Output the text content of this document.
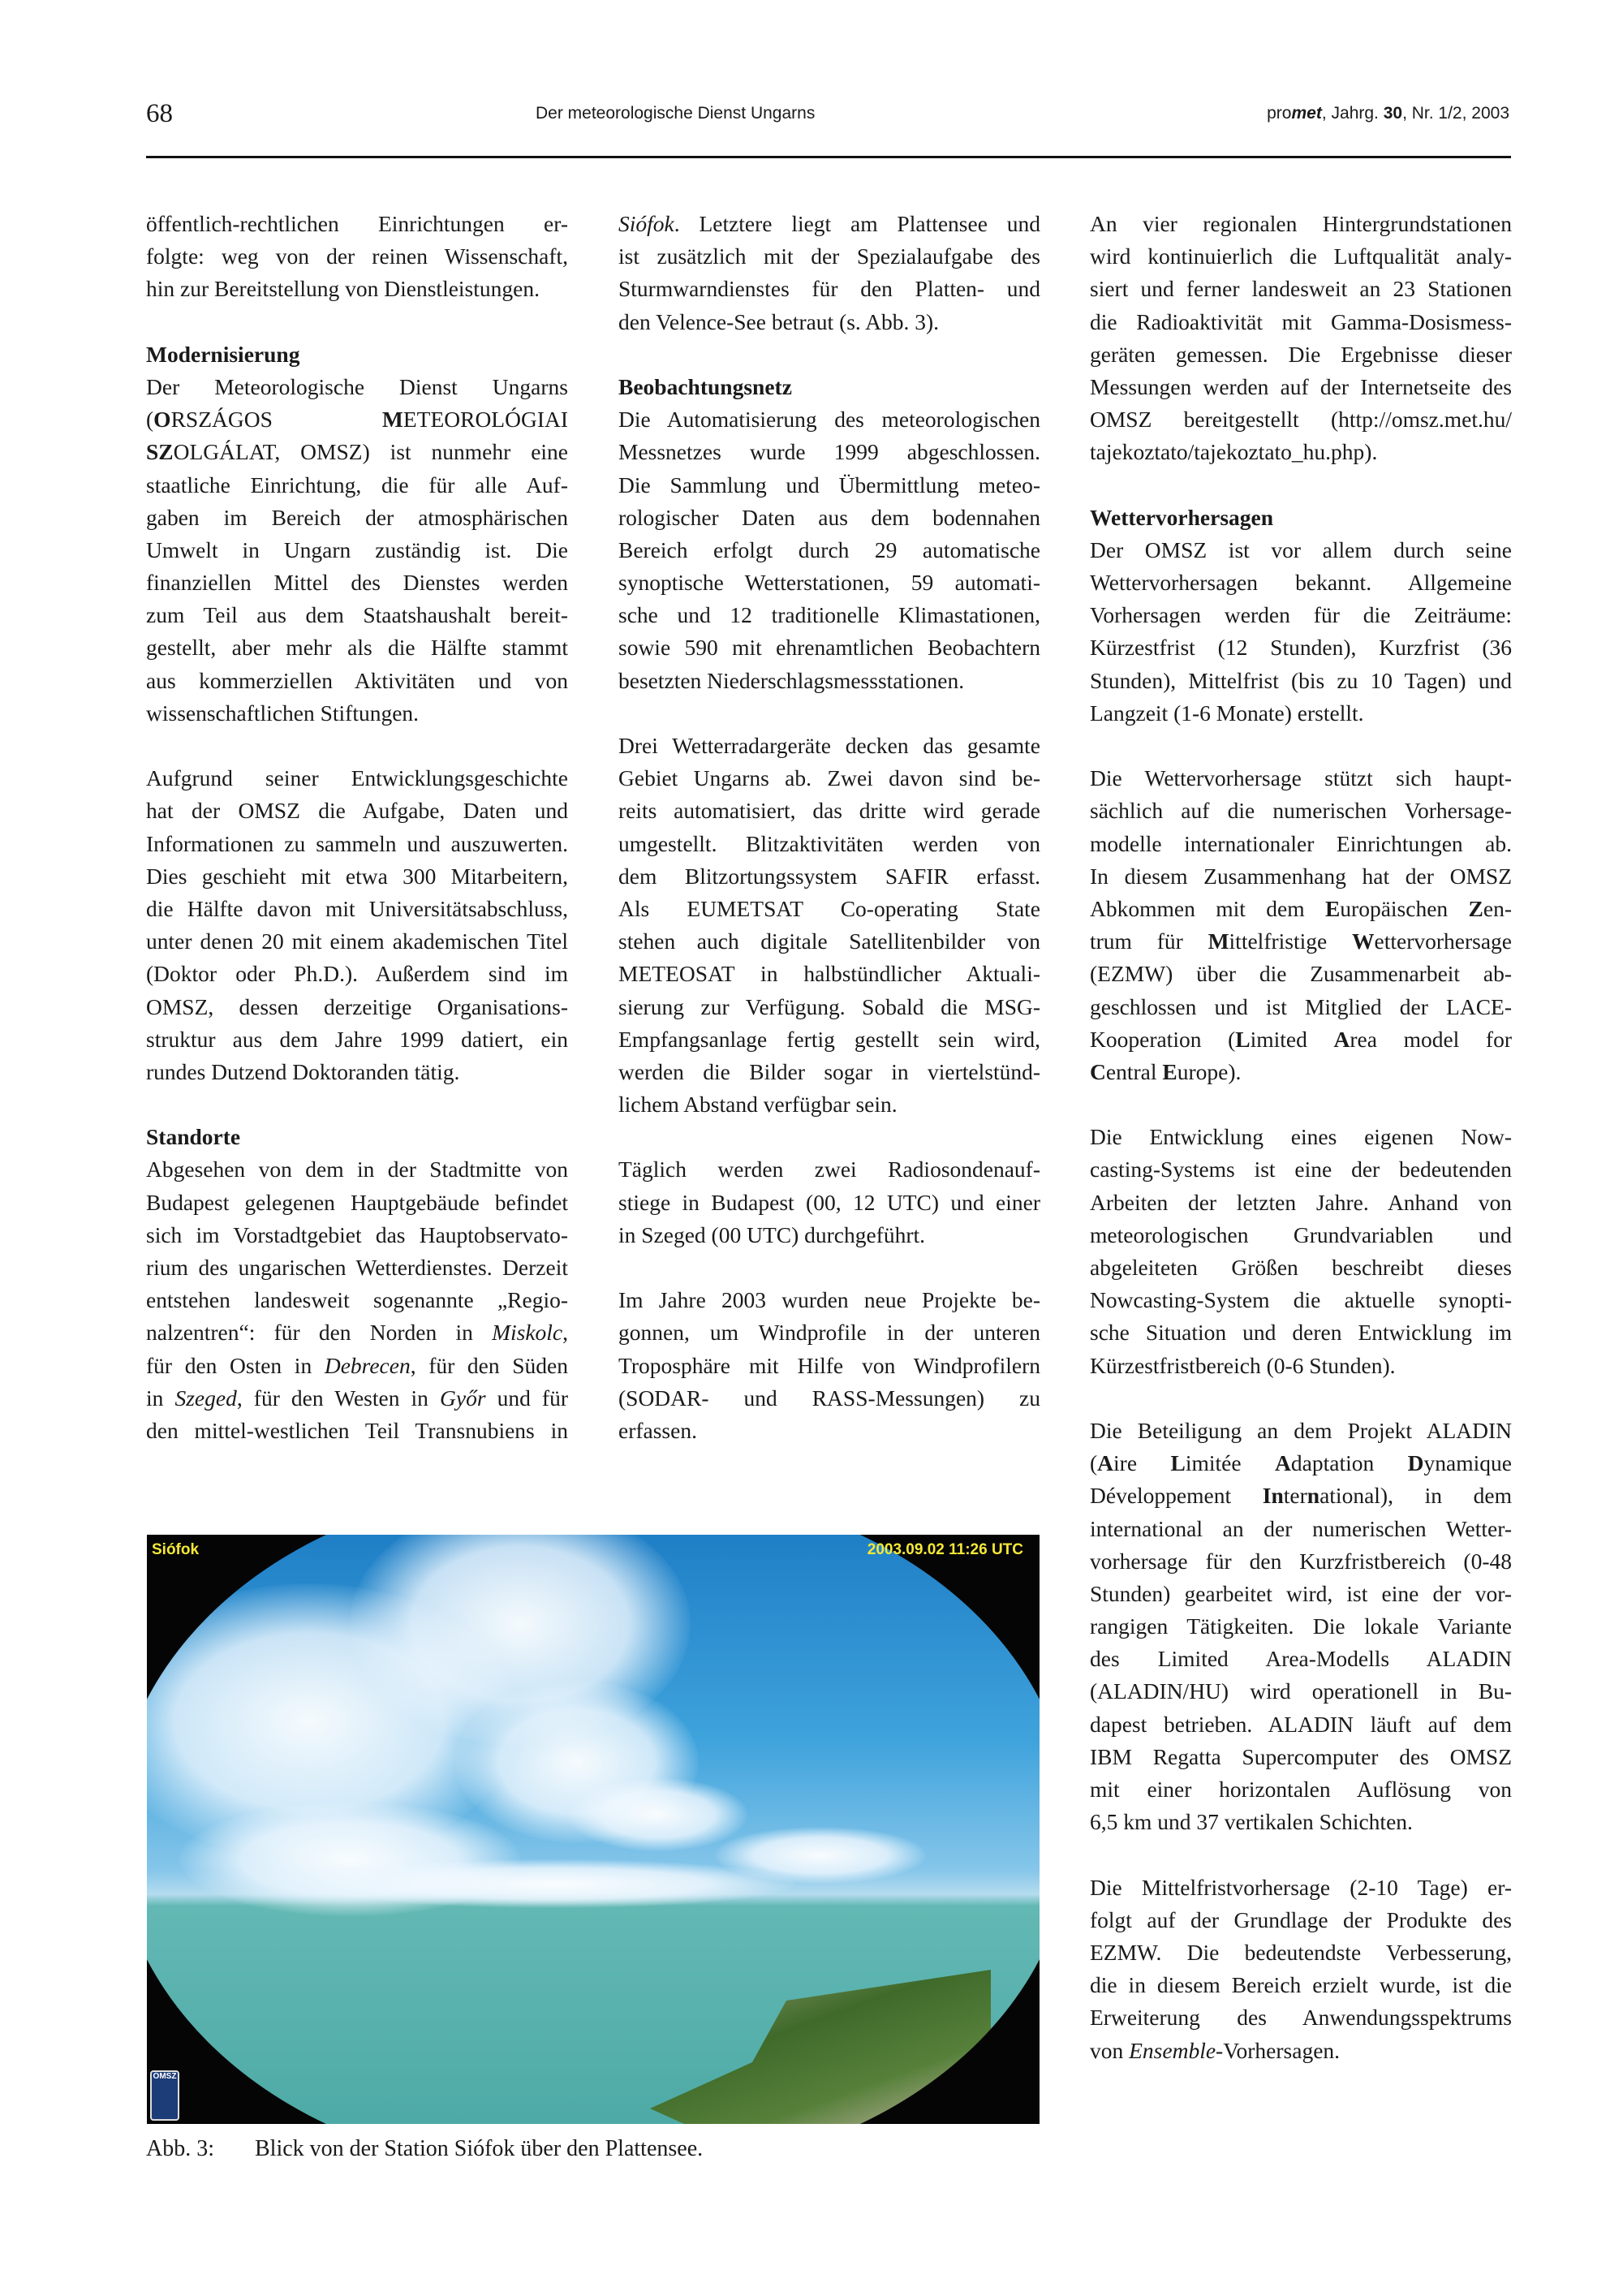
68	Der meteorologische Dienst Ungarns	promet, Jahrg. 30, Nr. 1/2, 2003
öffentlich-rechtlichen Einrichtungen er-
folgte: weg von der reinen Wissenschaft,
hin zur Bereitstellung von Dienstleistungen.
Modernisierung
Der Meteorologische Dienst Ungarns
(ORSZÁGOS METEOROLÓGIAI
SZOLGÁLAT, OMSZ) ist nunmehr eine
staatliche Einrichtung, die für alle Auf-
gaben im Bereich der atmosphärischen
Umwelt in Ungarn zuständig ist. Die
finanziellen Mittel des Dienstes werden
zum Teil aus dem Staatshaushalt bereit-
gestellt, aber mehr als die Hälfte stammt
aus kommerziellen Aktivitäten und von
wissenschaftlichen Stiftungen.
Aufgrund seiner Entwicklungsgeschichte
hat der OMSZ die Aufgabe, Daten und
Informationen zu sammeln und auszuwerten.
Dies geschieht mit etwa 300 Mitarbeitern,
die Hälfte davon mit Universitätsabschluss,
unter denen 20 mit einem akademischen Titel
(Doktor oder Ph.D.). Außerdem sind im
OMSZ, dessen derzeitige Organisations-
struktur aus dem Jahre 1999 datiert, ein
rundes Dutzend Doktoranden tätig.
Standorte
Abgesehen von dem in der Stadtmitte von
Budapest gelegenen Hauptgebäude befindet
sich im Vorstadtgebiet das Hauptobservato-
rium des ungarischen Wetterdienstes. Derzeit
entstehen landesweit sogenannte „Regio-
nalzentren“: für den Norden in Miskolc,
für den Osten in Debrecen, für den Süden
in Szeged, für den Westen in Győr und für
den mittel-westlichen Teil Transnubiens in
Siófok. Letztere liegt am Plattensee und
ist zusätzlich mit der Spezialaufgabe des
Sturmwarndienstes für den Platten- und
den Velence-See betraut (s. Abb. 3).
Beobachtungsnetz
Die Automatisierung des meteorologischen
Messnetzes wurde 1999 abgeschlossen.
Die Sammlung und Übermittlung meteo-
rologischer Daten aus dem bodennahen
Bereich erfolgt durch 29 automatische
synoptische Wetterstationen, 59 automati-
sche und 12 traditionelle Klimastationen,
sowie 590 mit ehrenamtlichen Beobachtern
besetzten Niederschlagsmessstationen.
Drei Wetterradargeräte decken das gesamte
Gebiet Ungarns ab. Zwei davon sind be-
reits automatisiert, das dritte wird gerade
umgestellt. Blitzaktivitäten werden von
dem Blitzortungssystem SAFIR erfasst.
Als EUMETSAT Co-operating State
stehen auch digitale Satellitenbilder von
METEOSAT in halbstündlicher Aktuali-
sierung zur Verfügung. Sobald die MSG-
Empfangsanlage fertig gestellt sein wird,
werden die Bilder sogar in viertelstünd-
lichem Abstand verfügbar sein.
Täglich werden zwei Radiosondenauf-
stiege in Budapest (00, 12 UTC) und einer
in Szeged (00 UTC) durchgeführt.
Im Jahre 2003 wurden neue Projekte be-
gonnen, um Windprofile in der unteren
Troposphäre mit Hilfe von Windprofilern
(SODAR- und RASS-Messungen) zu
erfassen.
An vier regionalen Hintergrundstationen
wird kontinuierlich die Luftqualität analy-
siert und ferner landesweit an 23 Stationen
die Radioaktivität mit Gamma-Dosismess-
geräten gemessen. Die Ergebnisse dieser
Messungen werden auf der Internetseite des
OMSZ bereitgestellt (http://omsz.met.hu/
tajekoztato/tajekoztato_hu.php).
Wettervorhersagen
Der OMSZ ist vor allem durch seine
Wettervorhersagen bekannt. Allgemeine
Vorhersagen werden für die Zeiträume:
Kürzestfrist (12 Stunden), Kurzfrist (36
Stunden), Mittelfrist (bis zu 10 Tagen) und
Langzeit (1-6 Monate) erstellt.
Die Wettervorhersage stützt sich haupt-
sächlich auf die numerischen Vorhersage-
modelle internationaler Einrichtungen ab.
In diesem Zusammenhang hat der OMSZ
Abkommen mit dem Europäischen Zen-
trum für Mittelfristige Wettervorhersage
(EZMW) über die Zusammenarbeit ab-
geschlossen und ist Mitglied der LACE-
Kooperation (Limited Area model for
Central Europe).
Die Entwicklung eines eigenen Now-
casting-Systems ist eine der bedeutenden
Arbeiten der letzten Jahre. Anhand von
meteorologischen Grundvariablen und
abgeleiteten Größen beschreibt dieses
Nowcasting-System die aktuelle synopti-
sche Situation und deren Entwicklung im
Kürzestfristbereich (0-6 Stunden).
Die Beteiligung an dem Projekt ALADIN
(Aire Limitée Adaptation Dynamique
Développement International), in dem
international an der numerischen Wetter-
vorhersage für den Kurzfristbereich (0-48
Stunden) gearbeitet wird, ist eine der vor-
rangigen Tätigkeiten. Die lokale Variante
des Limited Area-Modells ALADIN
(ALADIN/HU) wird operationell in Bu-
dapest betrieben. ALADIN läuft auf dem
IBM Regatta Supercomputer des OMSZ
mit einer horizontalen Auflösung von
6,5 km und 37 vertikalen Schichten.
Die Mittelfristvorhersage (2-10 Tage) er-
folgt auf der Grundlage der Produkte des
EZMW. Die bedeutendste Verbesserung,
die in diesem Bereich erzielt wurde, ist die
Erweiterung des Anwendungsspektrums
von Ensemble-Vorhersagen.
Siófok	2003.09.02 11:26 UTC
OMSZ
Abb. 3: Blick von der Station Siófok über den Plattensee.
